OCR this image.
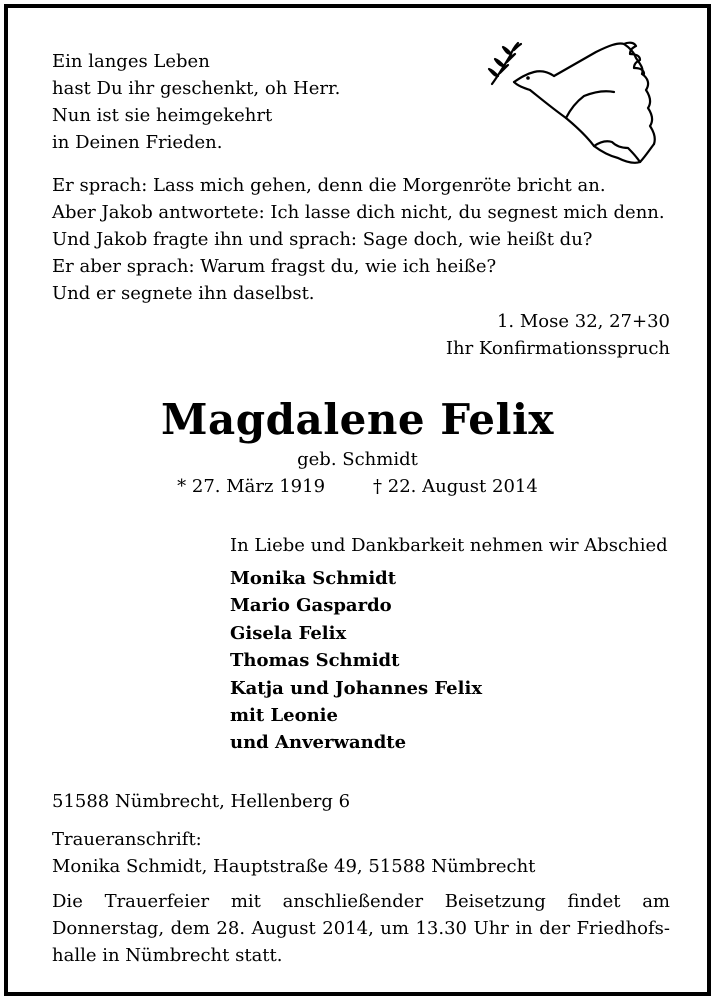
Ein langes Leben
hast Du ihr geschenkt, oh Herr.
Nun ist sie heimgekehrt
in Deinen Frieden.
Er sprach: Lass mich gehen, denn die Morgenröte bricht an.
Aber Jakob antwortete: Ich lasse dich nicht, du segnest mich denn.
Und Jakob fragte ihn und sprach: Sage doch, wie heißt du?
Er aber sprach: Warum fragst du, wie ich heiße?
Und er segnete ihn daselbst.
1. Mose 32, 27+30
Ihr Konfirmationsspruch
Magdalene Felix
geb. Schmidt
* 27. März 1919	† 22. August 2014
In Liebe und Dankbarkeit nehmen wir Abschied
Monika Schmidt
Mario Gaspardo
Gisela Felix
Thomas Schmidt
Katja und Johannes Felix
mit Leonie
und Anverwandte
51588 Nümbrecht, Hellenberg 6
Traueranschrift:
Monika Schmidt, Hauptstraße 49, 51588 Nümbrecht
Die Trauerfeier mit anschließender Beisetzung findet am
Donnerstag, dem 28. August 2014, um 13.30 Uhr in der Friedhofs-
halle in Nümbrecht statt.
